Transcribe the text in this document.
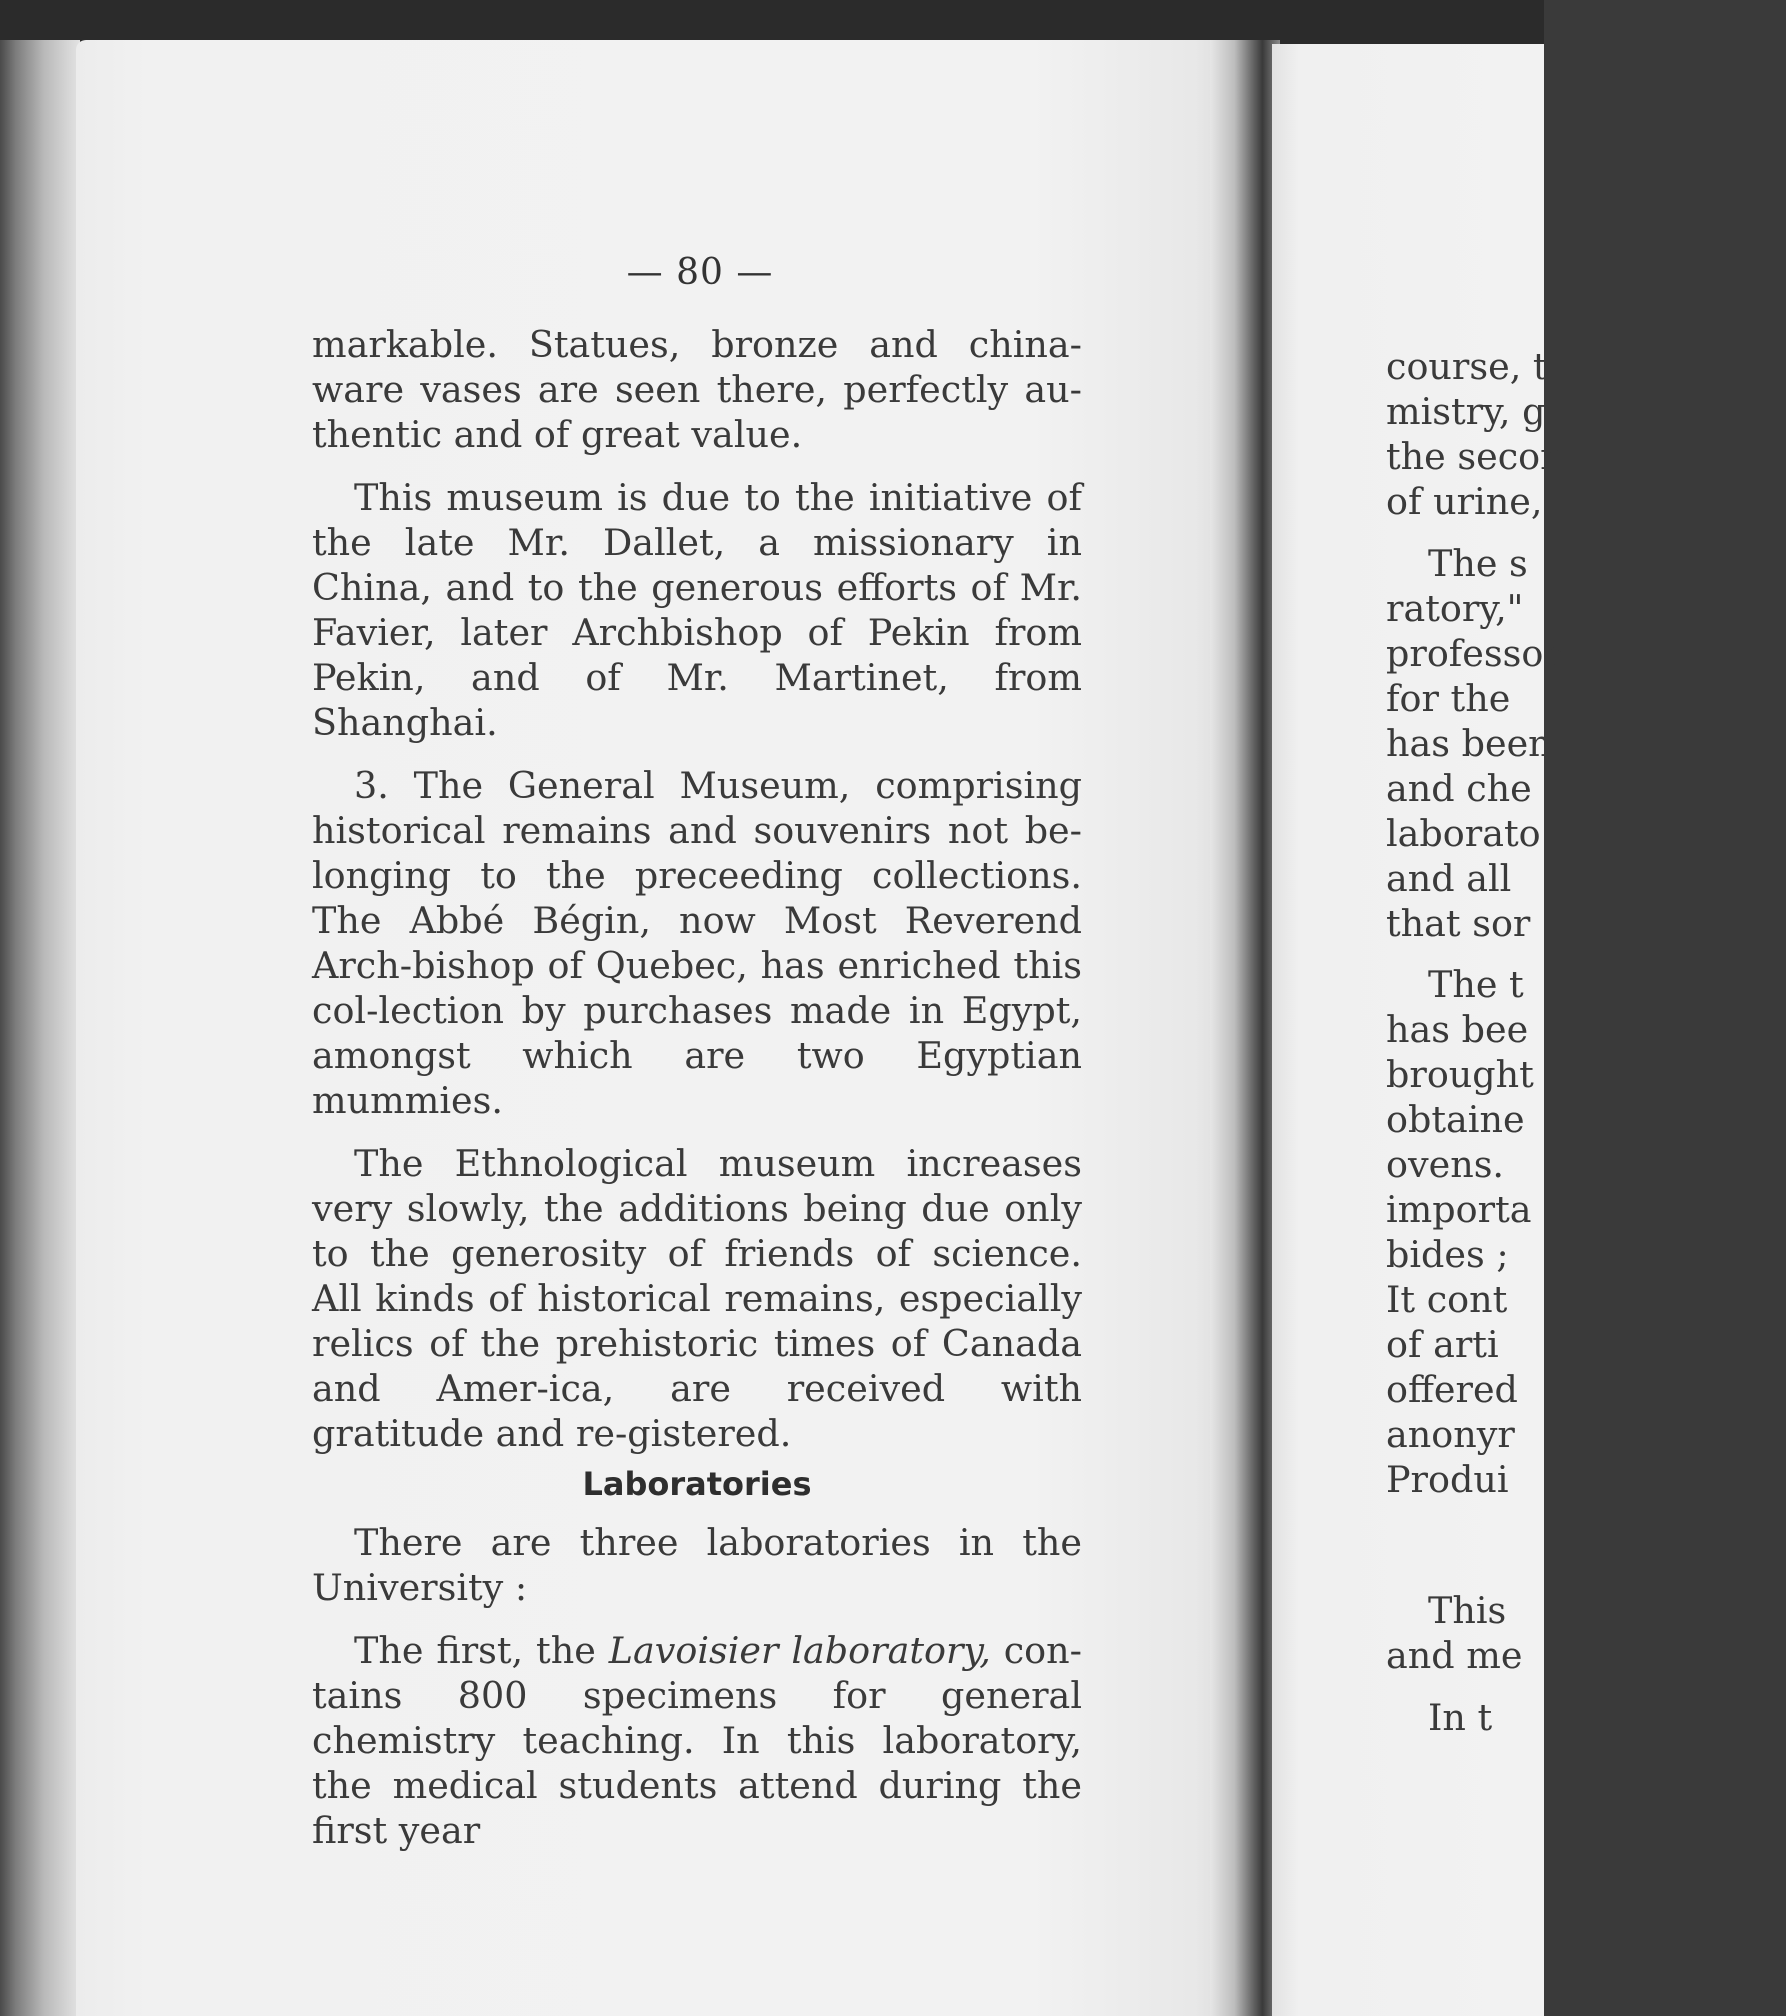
— 80 —

markable. Statues, bronze and china-ware vases are seen there, perfectly au-thentic and of great value.

This museum is due to the initiative of the late Mr. Dallet, a missionary in China, and to the generous efforts of Mr. Favier, later Archbishop of Pekin from Pekin, and of Mr. Martinet, from Shanghai.

3. The General Museum, comprising historical remains and souvenirs not be-longing to the preceeding collections. The Abbé Bégin, now Most Reverend Arch-bishop of Quebec, has enriched this col-lection by purchases made in Egypt, amongst which are two Egyptian mummies.

The Ethnological museum increases very slowly, the additions being due only to the generosity of friends of science. All kinds of historical remains, especially relics of the prehistoric times of Canada and Amer-ica, are received with gratitude and re-gistered.

Laboratories

There are three laboratories in the University :

The first, the Lavoisier laboratory, con-tains 800 specimens for general chemistry teaching. In this laboratory, the medical students attend during the first year

course, t
mistry, g
the secon
of urine,
The s
ratory,"
professor
for the
has been
and che
laborato
and all
that sor
The t
has bee
brought
obtaine
ovens.
importa
bides ;
It cont
of arti
offered
anonyr
Produi
This
and me
In t
